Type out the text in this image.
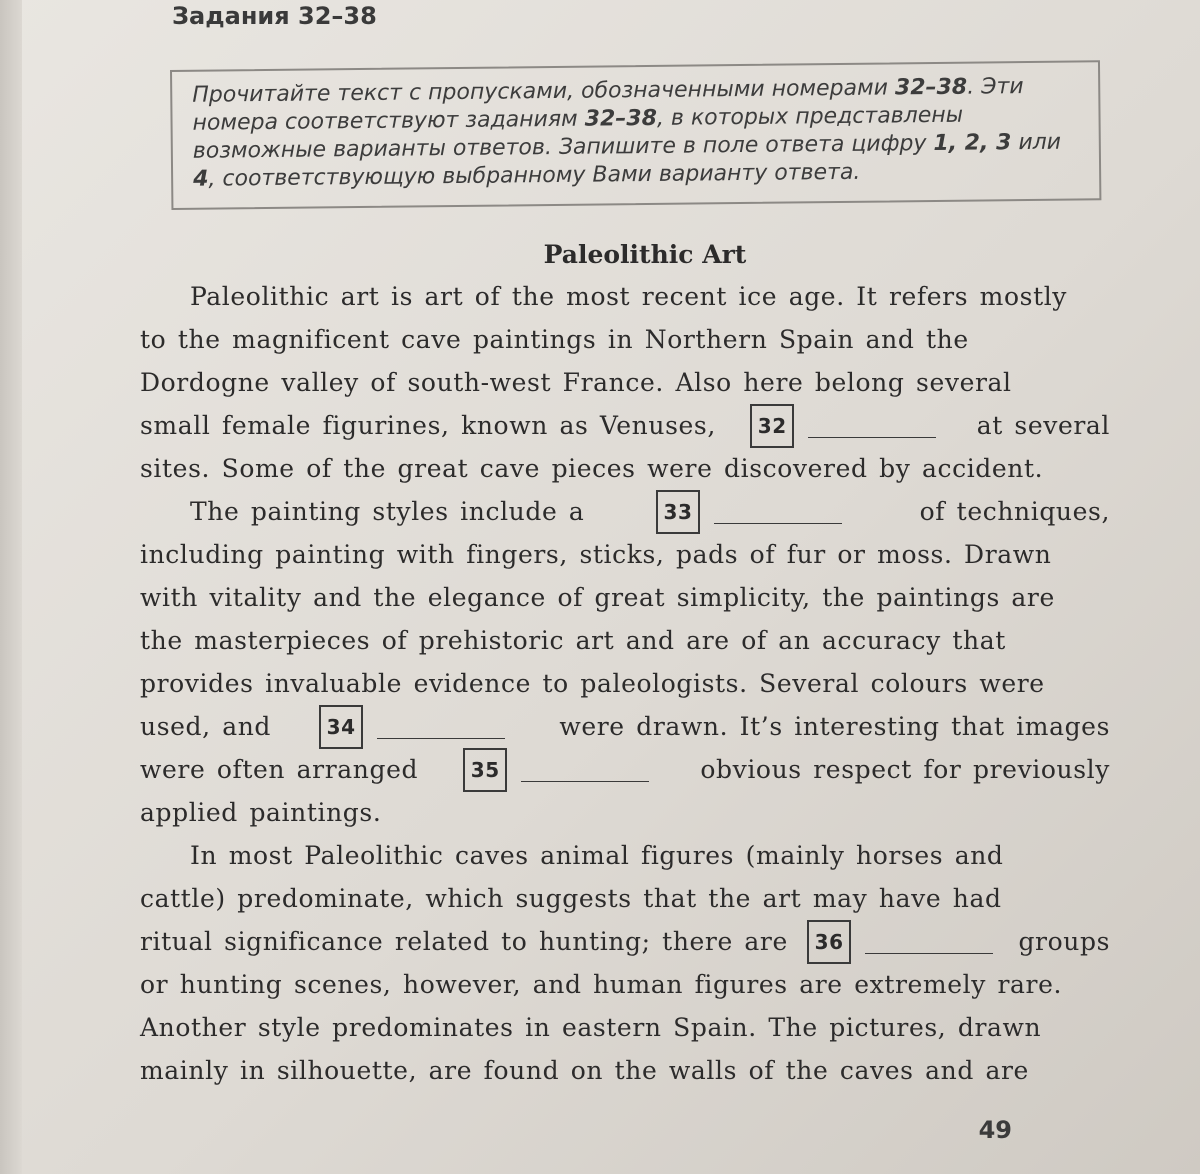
Задания 32–38
Прочитайте текст с пропусками, обозначенными номерами 32–38. Эти номера соответствуют заданиям 32–38, в которых представлены возможные варианты ответов. Запишите в поле ответа цифру 1, 2, 3 или 4, соответствующую выбранному Вами варианту ответа.
Paleolithic Art
Paleolithic art is art of the most recent ice age. It refers mostly
to the magnificent cave paintings in Northern Spain and the
Dordogne valley of south-west France. Also here belong several
small female figurines, known as Venuses,	32	at several
sites. Some of the great cave pieces were discovered by accident.
The painting styles include a	33	of techniques,
including painting with fingers, sticks, pads of fur or moss. Drawn
with vitality and the elegance of great simplicity, the paintings are
the masterpieces of prehistoric art and are of an accuracy that
provides invaluable evidence to paleologists. Several colours were
used, and	34	were drawn. It’s interesting that images
were often arranged	35	obvious respect for previously
applied paintings.
In most Paleolithic caves animal figures (mainly horses and
cattle) predominate, which suggests that the art may have had
ritual significance related to hunting; there are	36	groups
or hunting scenes, however, and human figures are extremely rare.
Another style predominates in eastern Spain. The pictures, drawn
mainly in silhouette, are found on the walls of the caves and are
49
